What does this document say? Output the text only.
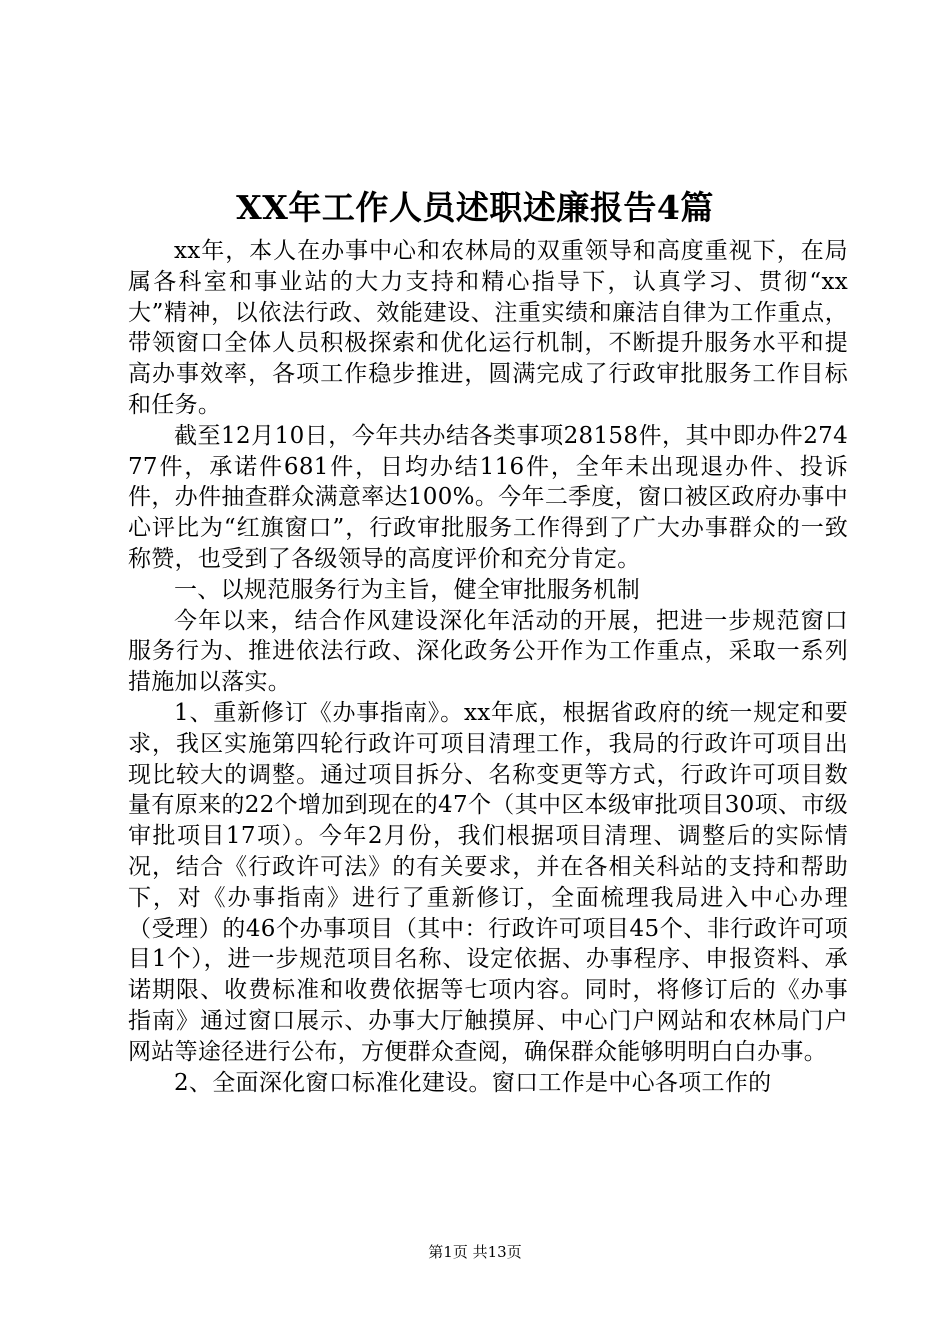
XX年工作人员述职述廉报告4篇

xx年，本人在办事中心和农林局的双重领导和高度重视下，在局属各科室和事业站的大力支持和精心指导下，认真学习、贯彻“xx大”精神，以依法行政、效能建设、注重实绩和廉洁自律为工作重点，带领窗口全体人员积极探索和优化运行机制，不断提升服务水平和提高办事效率，各项工作稳步推进，圆满完成了行政审批服务工作目标和任务。

截至12月10日，今年共办结各类事项28158件，其中即办件27477件，承诺件681件，日均办结116件，全年未出现退办件、投诉件，办件抽查群众满意率达100%。今年二季度，窗口被区政府办事中心评比为“红旗窗口”，行政审批服务工作得到了广大办事群众的一致称赞，也受到了各级领导的高度评价和充分肯定。

一、以规范服务行为主旨，健全审批服务机制

今年以来，结合作风建设深化年活动的开展，把进一步规范窗口服务行为、推进依法行政、深化政务公开作为工作重点，采取一系列措施加以落实。

1、重新修订《办事指南》。xx年底，根据省政府的统一规定和要求，我区实施第四轮行政许可项目清理工作，我局的行政许可项目出现比较大的调整。通过项目拆分、名称变更等方式，行政许可项目数量有原来的22个增加到现在的47个（其中区本级审批项目30项、市级审批项目17项）。今年2月份，我们根据项目清理、调整后的实际情况，结合《行政许可法》的有关要求，并在各相关科站的支持和帮助下，对《办事指南》进行了重新修订，全面梳理我局进入中心办理（受理）的46个办事项目（其中：行政许可项目45个、非行政许可项目1个），进一步规范项目名称、设定依据、办事程序、申报资料、承诺期限、收费标准和收费依据等七项内容。同时，将修订后的《办事指南》通过窗口展示、办事大厅触摸屏、中心门户网站和农林局门户网站等途径进行公布，方便群众查阅，确保群众能够明明白白办事。

2、全面深化窗口标准化建设。窗口工作是中心各项工作的

第1页 共13页
